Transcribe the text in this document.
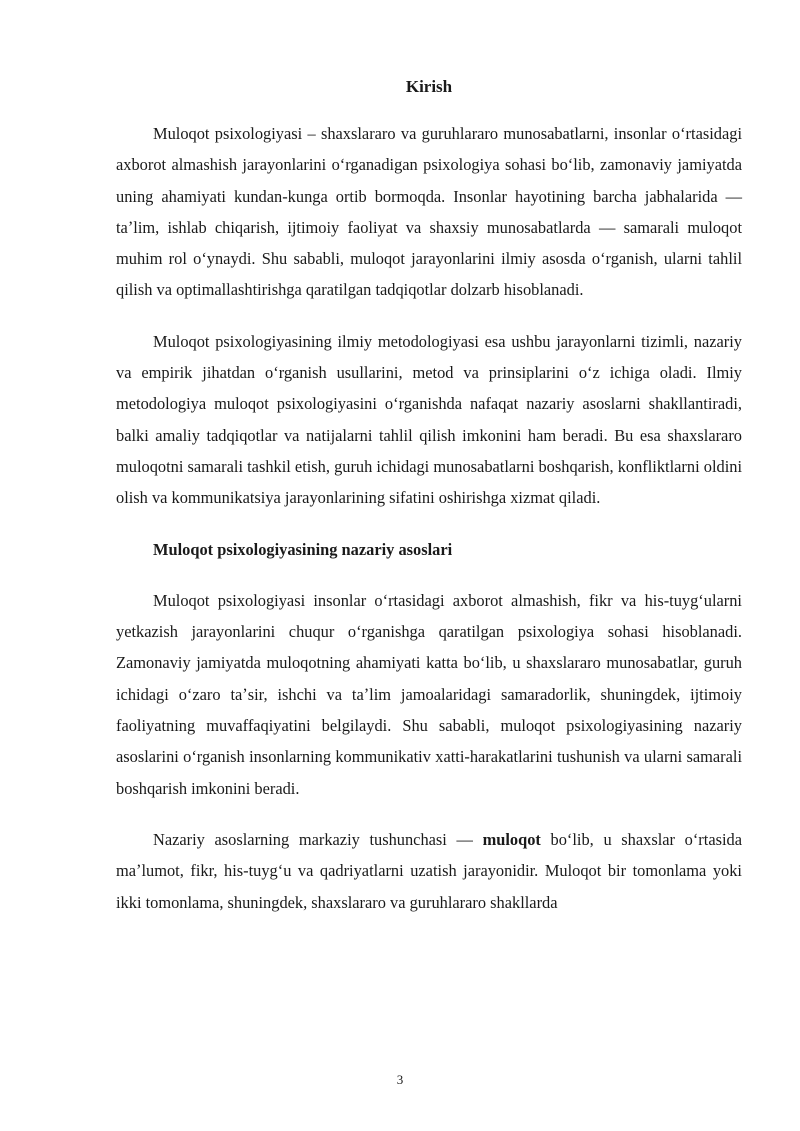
Kirish

Muloqot psixologiyasi – shaxslararo va guruhlararo munosabatlarni, insonlar oʻrtasidagi axborot almashish jarayonlarini oʻrganadigan psixologiya sohasi boʻlib, zamonaviy jamiyatda uning ahamiyati kundan-kunga ortib bormoqda. Insonlar hayotining barcha jabhalarida — taʼlim, ishlab chiqarish, ijtimoiy faoliyat va shaxsiy munosabatlarda — samarali muloqot muhim rol oʻynaydi. Shu sababli, muloqot jarayonlarini ilmiy asosda oʻrganish, ularni tahlil qilish va optimallashtirishga qaratilgan tadqiqotlar dolzarb hisoblanadi.

Muloqot psixologiyasining ilmiy metodologiyasi esa ushbu jarayonlarni tizimli, nazariy va empirik jihatdan oʻrganish usullarini, metod va prinsiplarini oʻz ichiga oladi. Ilmiy metodologiya muloqot psixologiyasini oʻrganishda nafaqat nazariy asoslarni shakllantiradi, balki amaliy tadqiqotlar va natijalarni tahlil qilish imkonini ham beradi. Bu esa shaxslararo muloqotni samarali tashkil etish, guruh ichidagi munosabatlarni boshqarish, konfliktlarni oldini olish va kommunikatsiya jarayonlarining sifatini oshirishga xizmat qiladi.

Muloqot psixologiyasining nazariy asoslari

Muloqot psixologiyasi insonlar oʻrtasidagi axborot almashish, fikr va his-tuygʻularni yetkazish jarayonlarini chuqur oʻrganishga qaratilgan psixologiya sohasi hisoblanadi. Zamonaviy jamiyatda muloqotning ahamiyati katta boʻlib, u shaxslararo munosabatlar, guruh ichidagi oʻzaro taʼsir, ishchi va taʼlim jamoalaridagi samaradorlik, shuningdek, ijtimoiy faoliyatning muvaffaqiyatini belgilaydi. Shu sababli, muloqot psixologiyasining nazariy asoslarini oʻrganish insonlarning kommunikativ xatti-harakatlarini tushunish va ularni samarali boshqarish imkonini beradi.

Nazariy asoslarning markaziy tushunchasi — muloqot boʻlib, u shaxslar oʻrtasida maʼlumot, fikr, his-tuygʻu va qadriyatlarni uzatish jarayonidir. Muloqot bir tomonlama yoki ikki tomonlama, shuningdek, shaxslararo va guruhlararo shakllarda

3
